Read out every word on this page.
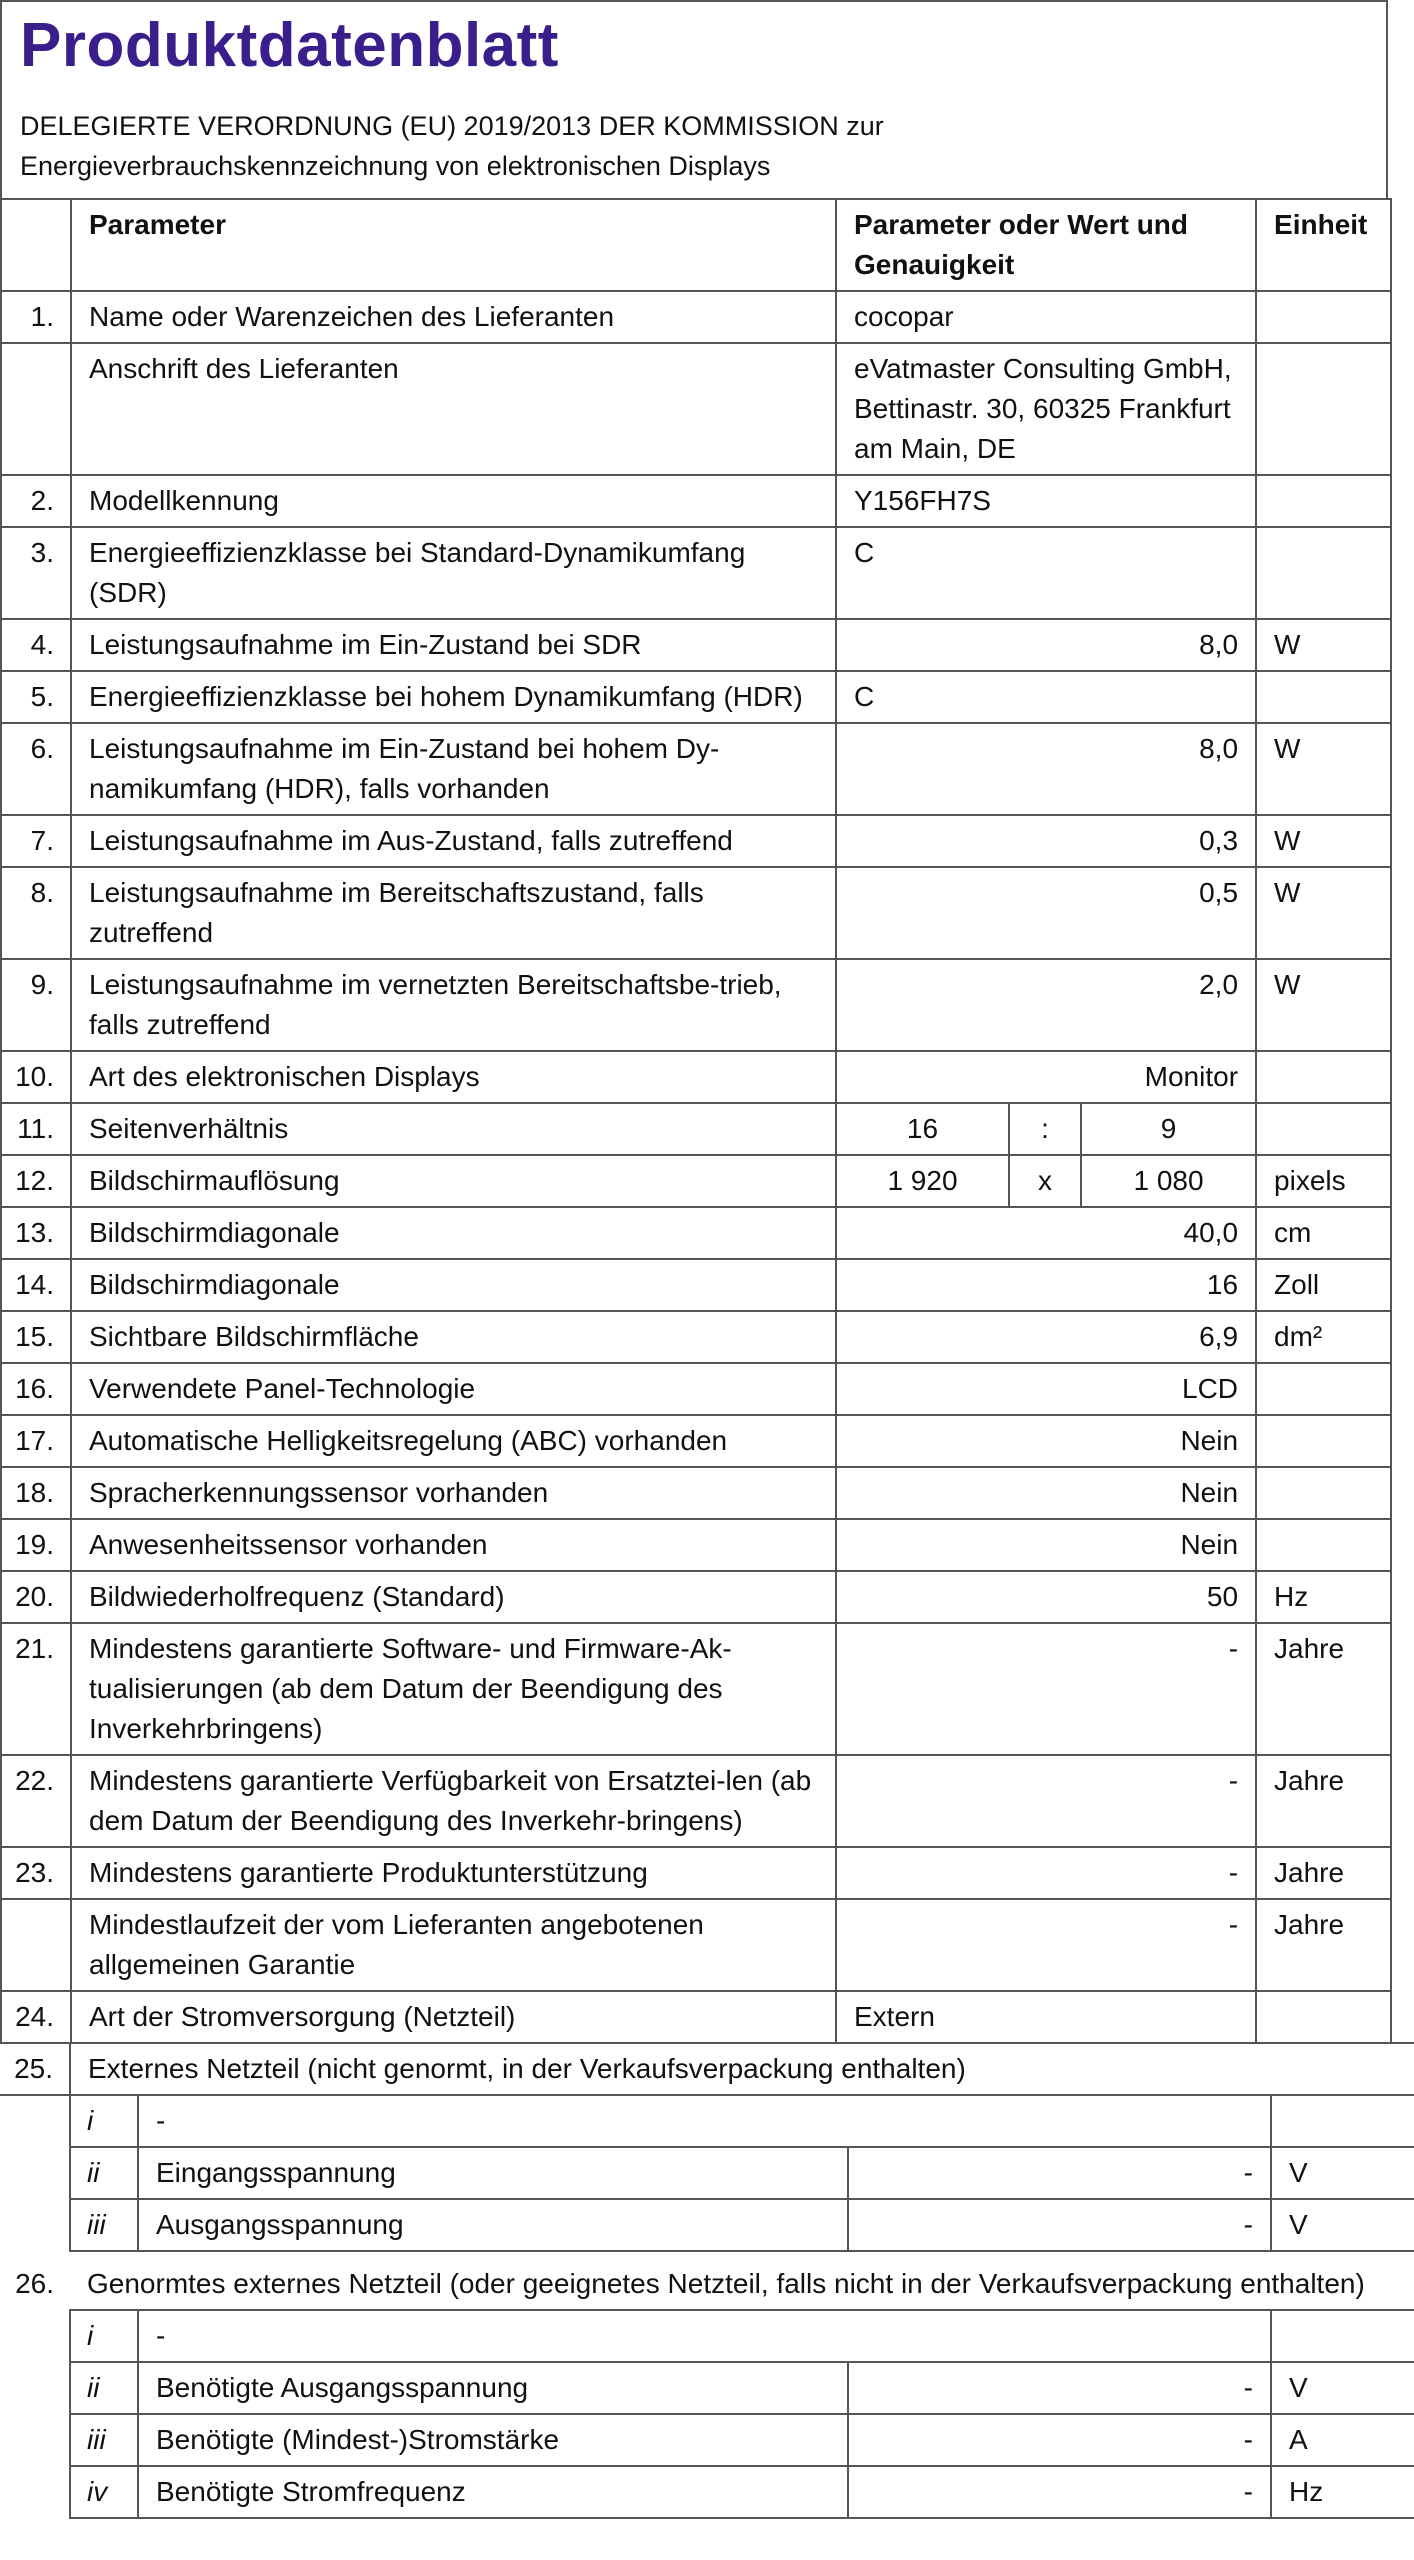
Produktdatenblatt
DELEGIERTE VERORDNUNG (EU) 2019/2013 DER KOMMISSION zur
Energieverbrauchskennzeichnung von elektronischen Displays
	Parameter	Parameter oder Wert und Genauigkeit			Einheit
1.	Name oder Warenzeichen des Lieferanten	cocopar			
	Anschrift des Lieferanten	eVatmaster Consulting GmbH, Bettinastr. 30, 60325 Frankfurt am Main, DE			
2.	Modellkennung	Y156FH7S			
3.	Energieeffizienzklasse bei Standard-Dynamikumfang (SDR)	C			
4.	Leistungsaufnahme im Ein-Zustand bei SDR	8,0			W
5.	Energieeffizienzklasse bei hohem Dynamikumfang (HDR)	C			
6.	Leistungsaufnahme im Ein-Zustand bei hohem Dy-namikumfang (HDR), falls vorhanden	8,0			W
7.	Leistungsaufnahme im Aus-Zustand, falls zutreffend	0,3			W
8.	Leistungsaufnahme im Bereitschaftszustand, falls zutreffend	0,5			W
9.	Leistungsaufnahme im vernetzten Bereitschaftsbe-trieb, falls zutreffend	2,0			W
10.	Art des elektronischen Displays	Monitor			
11.	Seitenverhältnis	16	:	9	
12.	Bildschirmauflösung	1 920	x	1 080	pixels
13.	Bildschirmdiagonale	40,0			cm
14.	Bildschirmdiagonale	16			Zoll
15.	Sichtbare Bildschirmfläche	6,9			dm²
16.	Verwendete Panel-Technologie	LCD			
17.	Automatische Helligkeitsregelung (ABC) vorhanden	Nein			
18.	Spracherkennungssensor vorhanden	Nein			
19.	Anwesenheitssensor vorhanden	Nein			
20.	Bildwiederholfrequenz (Standard)	50			Hz
21.	Mindestens garantierte Software- und Firmware-Ak-tualisierungen (ab dem Datum der Beendigung des Inverkehrbringens)	-			Jahre
22.	Mindestens garantierte Verfügbarkeit von Ersatztei-len (ab dem Datum der Beendigung des Inverkehr-bringens)	-			Jahre
23.	Mindestens garantierte Produktunterstützung	-			Jahre
	Mindestlaufzeit der vom Lieferanten angebotenen allgemeinen Garantie	-			Jahre
24.	Art der Stromversorgung (Netzteil)	Extern			
25.	Externes Netzteil (nicht genormt, in der Verkaufsverpackung enthalten)			
	i	-		
	ii	Eingangsspannung	-	V
	iii	Ausgangsspannung	-	V
26.	Genormtes externes Netzteil (oder geeignetes Netzteil, falls nicht in der Verkaufsverpackung enthalten)			
	i	-		
	ii	Benötigte Ausgangsspannung	-	V
	iii	Benötigte (Mindest-)Stromstärke	-	A
	iv	Benötigte Stromfrequenz	-	Hz
